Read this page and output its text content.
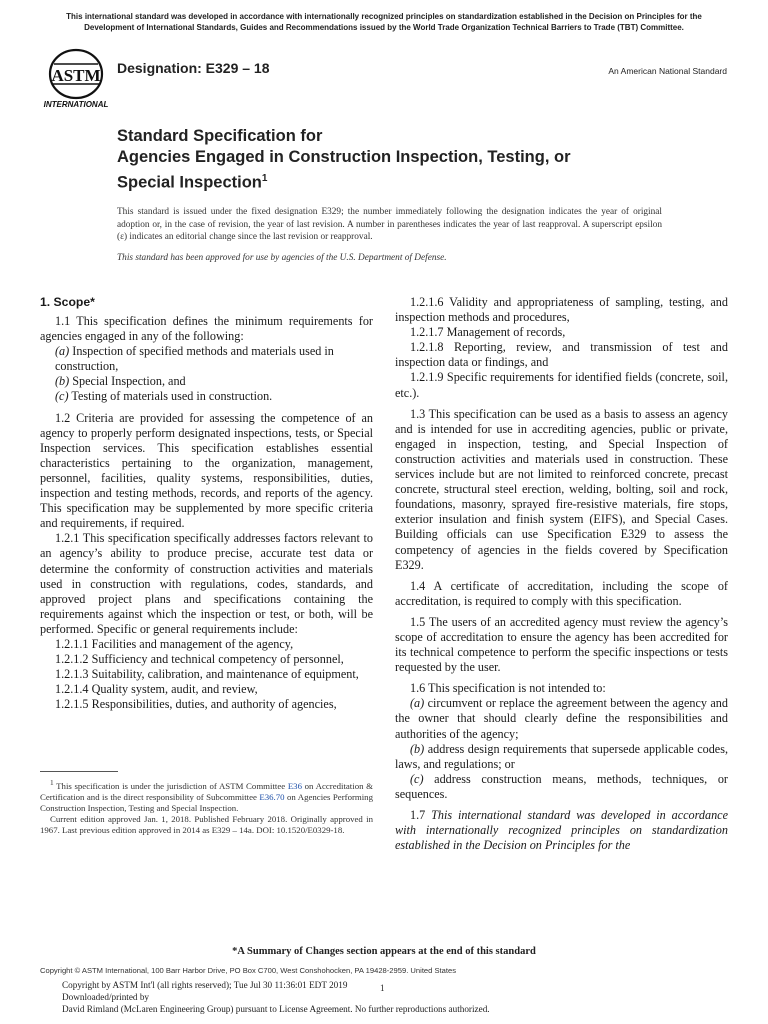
This international standard was developed in accordance with internationally recognized principles on standardization established in the Decision on Principles for the
Development of International Standards, Guides and Recommendations issued by the World Trade Organization Technical Barriers to Trade (TBT) Committee.
ASTM
INTERNATIONAL
Designation: E329 – 18	An American National Standard
Standard Specification for
Agencies Engaged in Construction Inspection, Testing, or
Special Inspection$^1$

This standard is issued under the fixed designation E329; the number immediately following the designation indicates the year of original adoption or, in the case of revision, the year of last revision. A number in parentheses indicates the year of last reapproval. A superscript epsilon (ε) indicates an editorial change since the last revision or reapproval.

This standard has been approved for use by agencies of the U.S. Department of Defense.

1. Scope*

1.1 This specification defines the minimum requirements for agencies engaged in any of the following:

(a) Inspection of specified methods and materials used in construction,

(b) Special Inspection, and

(c) Testing of materials used in construction.

1.2 Criteria are provided for assessing the competence of an agency to properly perform designated inspections, tests, or Special Inspection services. This specification establishes essential characteristics pertaining to the organization, management, personnel, facilities, quality systems, responsibilities, duties, inspection and testing methods, records, and reports of the agency. This specification may be supplemented by more specific criteria and requirements, if required.

1.2.1 This specification specifically addresses factors relevant to an agency’s ability to produce precise, accurate test data or determine the conformity of construction activities and materials used in construction with regulations, codes, standards, and approved project plans and specifications containing the requirements against which the inspection or test, or both, will be performed. Specific or general requirements include:

1.2.1.1 Facilities and management of the agency,

1.2.1.2 Sufficiency and technical competency of personnel,

1.2.1.3 Suitability, calibration, and maintenance of equipment,

1.2.1.4 Quality system, audit, and review,

1.2.1.5 Responsibilities, duties, and authority of agencies,

1.2.1.6 Validity and appropriateness of sampling, testing, and inspection methods and procedures,

1.2.1.7 Management of records,

1.2.1.8 Reporting, review, and transmission of test and inspection data or findings, and

1.2.1.9 Specific requirements for identified fields (concrete, soil, etc.).

1.3 This specification can be used as a basis to assess an agency and is intended for use in accrediting agencies, public or private, engaged in inspection, testing, and Special Inspection of construction activities and materials used in construction. These services include but are not limited to reinforced concrete, precast concrete, structural steel erection, welding, bolting, soil and rock, foundations, masonry, sprayed fire-resistive materials, fire stops, exterior insulation and finish system (EIFS), and Special Cases. Building officials can use Specification E329 to assess the competency of agencies in the fields covered by Specification E329.

1.4 A certificate of accreditation, including the scope of accreditation, is required to comply with this specification.

1.5 The users of an accredited agency must review the agency’s scope of accreditation to ensure the agency has been accredited for its technical competence to perform the specific inspections or tests requested by the user.

1.6 This specification is not intended to:

(a) circumvent or replace the agreement between the agency and the owner that should clearly define the responsibilities and authorities of the agency;

(b) address design requirements that supersede applicable codes, laws, and regulations; or

(c) address construction means, methods, techniques, or sequences.

1.7 This international standard was developed in accordance with internationally recognized principles on standardization established in the Decision on Principles for the

$^1$ This specification is under the jurisdiction of ASTM Committee E36 on Accreditation & Certification and is the direct responsibility of Subcommittee E36.70 on Agencies Performing Construction Inspection, Testing and Special Inspection.

Current edition approved Jan. 1, 2018. Published February 2018. Originally approved in 1967. Last previous edition approved in 2014 as E329 – 14a. DOI: 10.1520/E0329-18.

*A Summary of Changes section appears at the end of this standard
Copyright © ASTM International, 100 Barr Harbor Drive, PO Box C700, West Conshohocken, PA 19428-2959. United States
Copyright by ASTM Int'l (all rights reserved); Tue Jul 30 11:36:01 EDT 2019
Downloaded/printed by
David Rimland (McLaren Engineering Group) pursuant to License Agreement. No further reproductions authorized.
1
